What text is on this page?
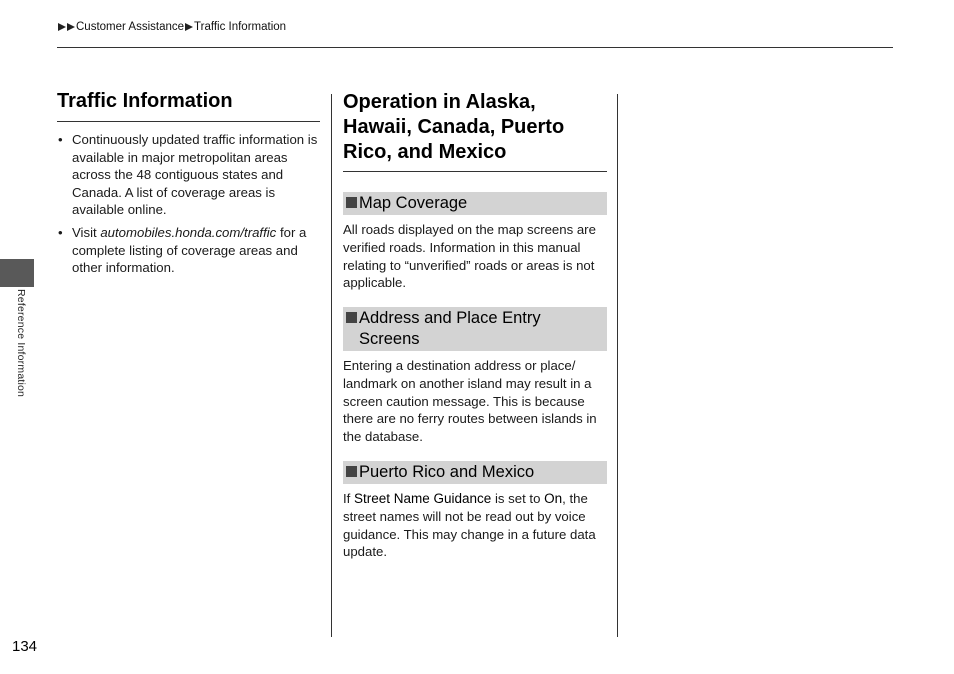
Customer Assistance Traffic Information
Reference Information
Traffic Information
• Continuously updated traffic information is available in major metropolitan areas across the 48 contiguous states and Canada. A list of coverage areas is available online.
• Visit automobiles.honda.com/traffic for a complete listing of coverage areas and other information.
Operation in Alaska, Hawaii, Canada, Puerto Rico, and Mexico
Map Coverage
All roads displayed on the map screens are verified roads. Information in this manual relating to “unverified” roads or areas is not applicable.
Address and Place Entry Screens
Entering a destination address or place/ landmark on another island may result in a screen caution message. This is because there are no ferry routes between islands in the database.
Puerto Rico and Mexico
If Street Name Guidance is set to On, the street names will not be read out by voice guidance. This may change in a future data update.
134
